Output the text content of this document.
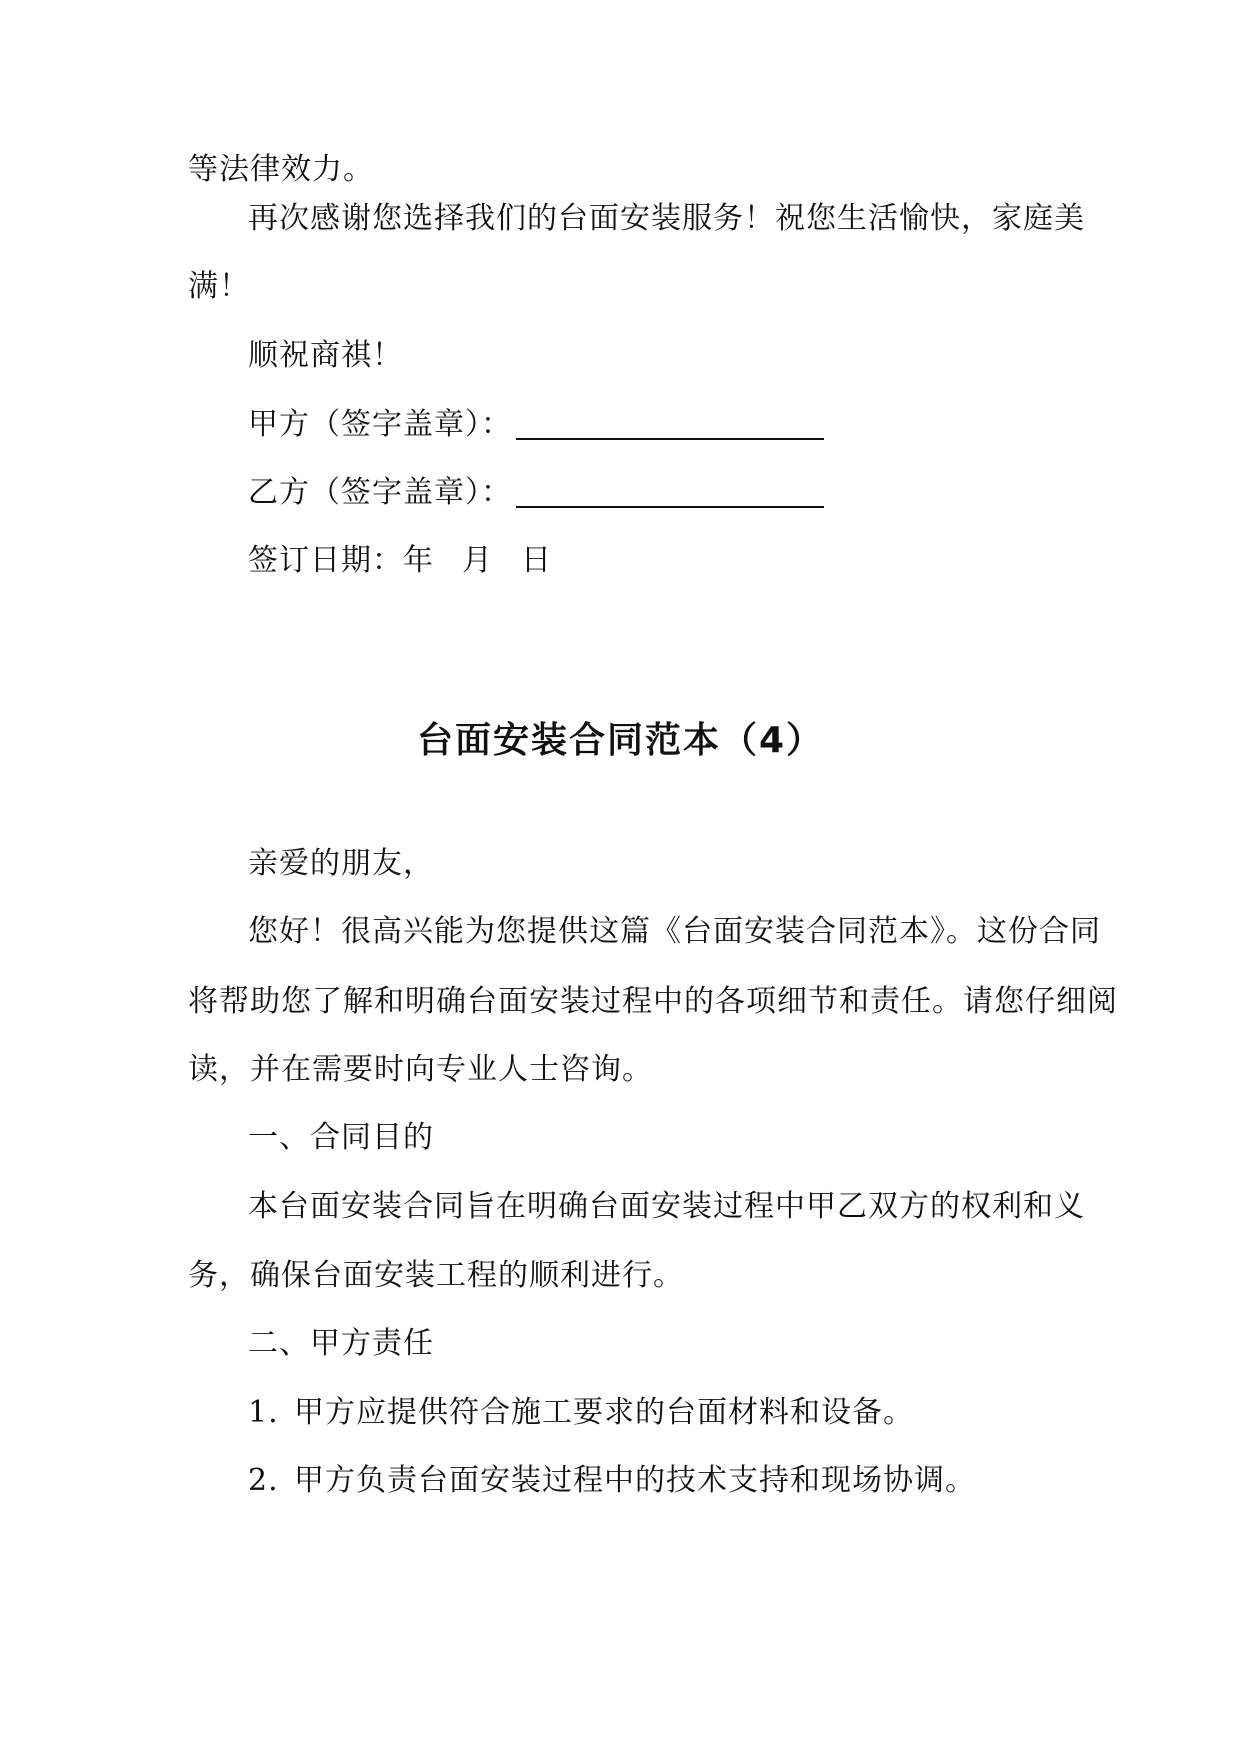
等法律效力。

再次感谢您选择我们的台面安装服务！祝您生活愉快，家庭美

满！

顺祝商祺！

甲方（签字盖章）：

乙方（签字盖章）：

签订日期：年 月 日

台面安装合同范本（4）

亲爱的朋友，

您好！很高兴能为您提供这篇《台面安装合同范本》。这份合同

将帮助您了解和明确台面安装过程中的各项细节和责任。请您仔细阅

读，并在需要时向专业人士咨询。

一、合同目的

本台面安装合同旨在明确台面安装过程中甲乙双方的权利和义

务，确保台面安装工程的顺利进行。

二、甲方责任

1. 甲方应提供符合施工要求的台面材料和设备。

2. 甲方负责台面安装过程中的技术支持和现场协调。
